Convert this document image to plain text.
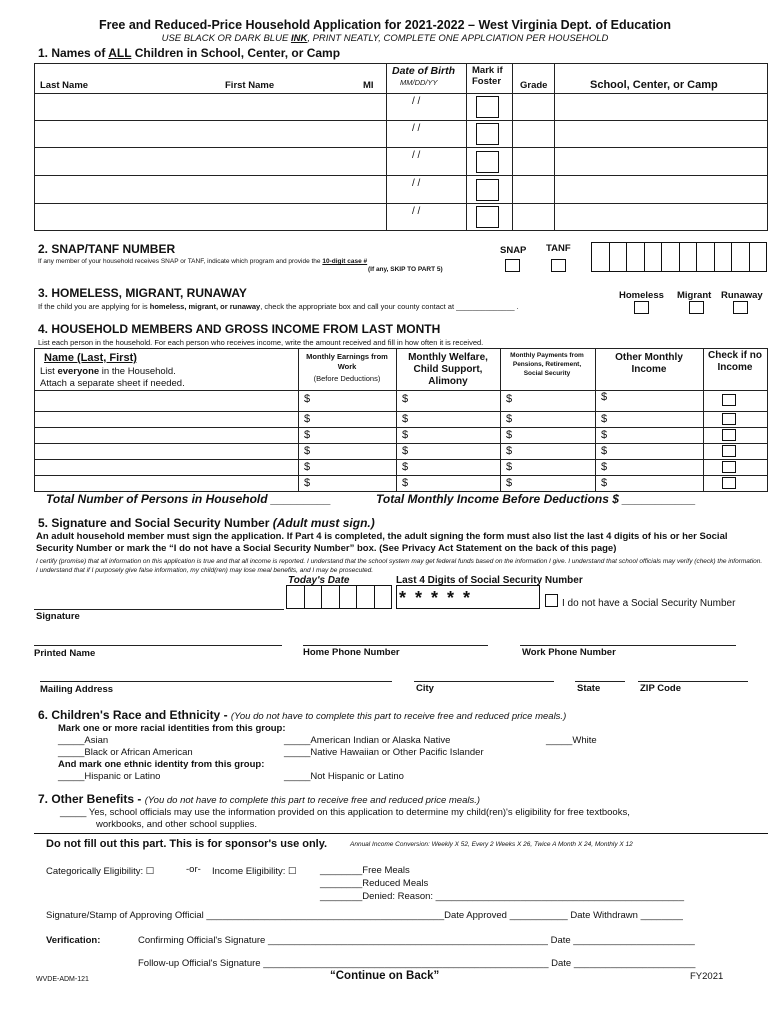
Free and Reduced-Price Household Application for 2021-2022 – West Virginia Dept. of Education
USE BLACK OR DARK BLUE INK, PRINT NEATLY, COMPLETE ONE APPLCIATION PER HOUSEHOLD
1. Names of ALL Children in School, Center, or Camp
Last Name	First Name	MI
Date of Birth
MM/DD/YY
Mark if Foster	Grade	School, Center, or Camp
/ /
/ /
/ /
/ /
/ /
2. SNAP/TANF NUMBER
If any member of your household receives SNAP or TANF, indicate which program and provide the 10-digit case #
(If any, SKIP TO PART 5)
SNAP TANF
3. HOMELESS, MIGRANT, RUNAWAY
If the child you are applying for is homeless, migrant, or runaway, check the appropriate box and call your county contact at ______________ .
Homeless Migrant Runaway
4. HOUSEHOLD MEMBERS AND GROSS INCOME FROM LAST MONTH
List each person in the household. For each person who receives income, write the amount received and fill in how often it is received.
Name (Last, First)
List everyone in the Household.
Attach a separate sheet if needed.
Monthly Earnings from Work
(Before Deductions)
Monthly Welfare, Child Support, Alimony
Monthly Payments from Pensions, Retirement, Social Security
Other Monthly Income
Check if no Income
$	$	$	$
$	$	$	$
$	$	$	$
$	$	$	$
$	$	$	$
$	$	$	$
Total Number of Persons in Household _________	Total Monthly Income Before Deductions $ ___________
5. Signature and Social Security Number (Adult must sign.)
An adult household member must sign the application. If Part 4 is completed, the adult signing the form must also list the last 4 digits of his or her Social Security Number or mark the “I do not have a Social Security Number” box. (See Privacy Act Statement on the back of this page)
I certify (promise) that all information on this application is true and that all income is reported. I understand that the school system may get federal funds based on the information I give. I understand that school officials may verify (check) the information. I understand that if I purposely give false information, my child(ren) may lose meal benefits, and I may be prosecuted.
Today's Date	Last 4 Digits of Social Security Number
* * * * *	I do not have a Social Security Number
Signature
Printed Name	Home Phone Number	Work Phone Number
Mailing Address	City	State	ZIP Code
6. Children's Race and Ethnicity - (You do not have to complete this part to receive free and reduced price meals.)
Mark one or more racial identities from this group:
_____Asian
_____Black or African American
_____American Indian or Alaska Native
_____Native Hawaiian or Other Pacific Islander
_____White
And mark one ethnic identity from this group:
_____Hispanic or Latino	_____Not Hispanic or Latino
7. Other Benefits - (You do not have to complete this part to receive free and reduced price meals.)
_____ Yes, school officials may use the information provided on this application to determine my child(ren)'s eligibility for free textbooks,
workbooks, and other school supplies.
Do not fill out this part. This is for sponsor's use only.	Annual Income Conversion: Weekly X 52, Every 2 Weeks X 26, Twice A Month X 24, Monthly X 12
Categorically Eligibility: ☐	-or- Income Eligibility: ☐ ________Free Meals
________Reduced Meals
________Denied: Reason: _______________________________________________
Signature/Stamp of Approving Official _____________________________________________Date Approved ___________ Date Withdrawn ________
Verification:	Confirming Official's Signature _____________________________________________________ Date _______________________
Follow-up Official's Signature ______________________________________________________ Date _______________________
WVDE-ADM-121	“Continue on Back”	FY2021
